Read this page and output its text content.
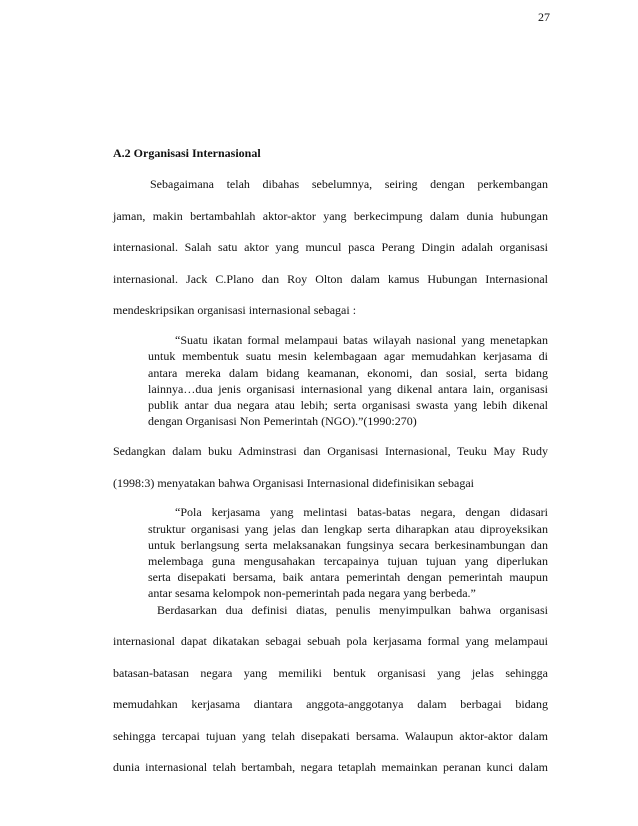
27
A.2 Organisasi Internasional
Sebagaimana telah dibahas sebelumnya, seiring dengan perkembangan
jaman, makin bertambahlah aktor-aktor yang berkecimpung dalam dunia hubungan
internasional. Salah satu aktor yang muncul pasca Perang Dingin adalah organisasi
internasional. Jack C.Plano dan Roy Olton dalam kamus Hubungan Internasional
mendeskripsikan organisasi internasional sebagai :
“Suatu ikatan formal melampaui batas wilayah nasional yang menetapkan
untuk membentuk suatu mesin kelembagaan agar memudahkan kerjasama di
antara mereka dalam bidang keamanan, ekonomi, dan sosial, serta bidang
lainnya…dua jenis organisasi internasional yang dikenal antara lain, organisasi
publik antar dua negara atau lebih; serta organisasi swasta yang lebih dikenal
dengan Organisasi Non Pemerintah (NGO).”(1990:270)
Sedangkan dalam buku Adminstrasi dan Organisasi Internasional, Teuku May Rudy
(1998:3) menyatakan bahwa Organisasi Internasional didefinisikan sebagai
“Pola kerjasama yang melintasi batas-batas negara, dengan didasari
struktur organisasi yang jelas dan lengkap serta diharapkan atau diproyeksikan
untuk berlangsung serta melaksanakan fungsinya secara berkesinambungan dan
melembaga guna mengusahakan tercapainya tujuan tujuan yang diperlukan
serta disepakati bersama, baik antara pemerintah dengan pemerintah maupun
antar sesama kelompok non-pemerintah pada negara yang berbeda.”
Berdasarkan dua definisi diatas, penulis menyimpulkan bahwa organisasi
internasional dapat dikatakan sebagai sebuah pola kerjasama formal yang melampaui
batasan-batasan negara yang memiliki bentuk organisasi yang jelas sehingga
memudahkan kerjasama diantara anggota-anggotanya dalam berbagai bidang
sehingga tercapai tujuan yang telah disepakati bersama. Walaupun aktor-aktor dalam
dunia internasional telah bertambah, negara tetaplah memainkan peranan kunci dalam
